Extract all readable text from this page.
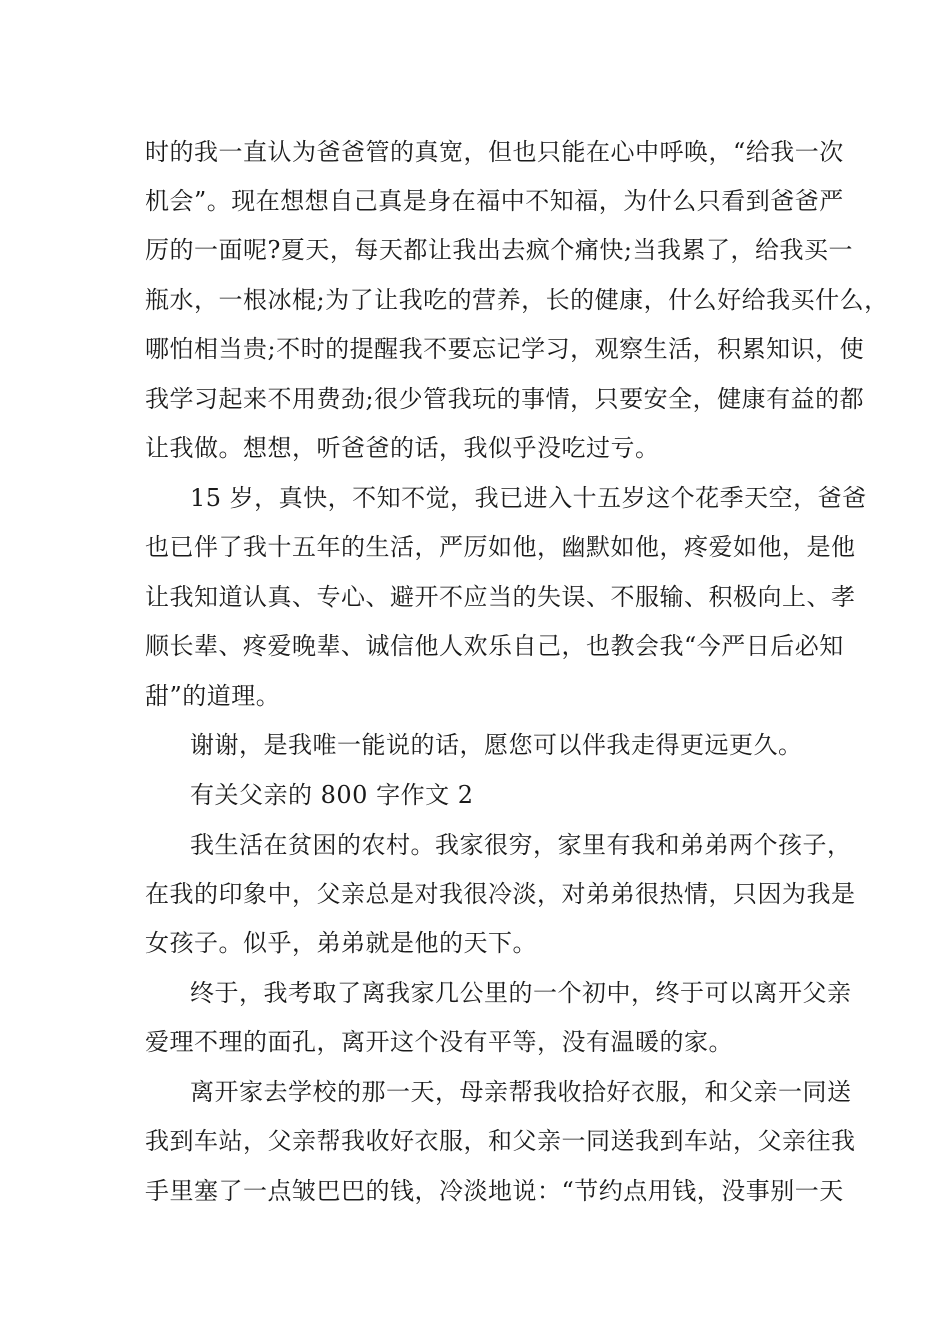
时的我一直认为爸爸管的真宽，但也只能在心中呼唤，“给我一次
机会”。现在想想自己真是身在福中不知福，为什么只看到爸爸严
厉的一面呢?夏天，每天都让我出去疯个痛快;当我累了，给我买一
瓶水，一根冰棍;为了让我吃的营养，长的健康，什么好给我买什么，
哪怕相当贵;不时的提醒我不要忘记学习，观察生活，积累知识，使
我学习起来不用费劲;很少管我玩的事情，只要安全，健康有益的都
让我做。想想，听爸爸的话，我似乎没吃过亏。
15 岁，真快，不知不觉，我已进入十五岁这个花季天空，爸爸
也已伴了我十五年的生活，严厉如他，幽默如他，疼爱如他，是他
让我知道认真、专心、避开不应当的失误、不服输、积极向上、孝
顺长辈、疼爱晚辈、诚信他人欢乐自己，也教会我“今严日后必知
甜”的道理。
谢谢，是我唯一能说的话，愿您可以伴我走得更远更久。
有关父亲的 800 字作文 2
我生活在贫困的农村。我家很穷，家里有我和弟弟两个孩子，
在我的印象中，父亲总是对我很冷淡，对弟弟很热情，只因为我是
女孩子。似乎，弟弟就是他的天下。
终于，我考取了离我家几公里的一个初中，终于可以离开父亲
爱理不理的面孔，离开这个没有平等，没有温暖的家。
离开家去学校的那一天，母亲帮我收拾好衣服，和父亲一同送
我到车站，父亲帮我收好衣服，和父亲一同送我到车站，父亲往我
手里塞了一点皱巴巴的钱，冷淡地说：“节约点用钱，没事别一天
